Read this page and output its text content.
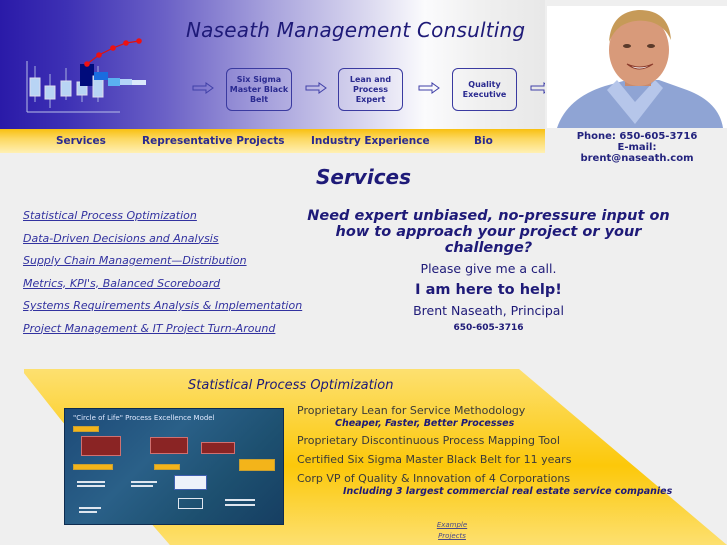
Naseath Management Consulting
Six Sigma Master Black Belt
Lean and Process Expert
Quality Executive
Services	Representative Projects	Industry Experience	Bio	Phone: 650-605-3716
E-mail:
brent@naseath.com
Services
Statistical Process Optimization
Data-Driven Decisions and Analysis
Supply Chain Management—Distribution
Metrics, KPI's, Balanced Scoreboard
Systems Requirements Analysis & Implementation
Project Management & IT Project Turn-Around
Need expert unbiased, no-pressure input on how to approach your project or your challenge?
Please give me a call.
I am here to help!
Brent Naseath, Principal
650-605-3716
Statistical Process Optimization
"Circle of Life" Process Excellence Model
Proprietary Lean for Service Methodology
Cheaper, Faster, Better Processes
Proprietary Discontinuous Process Mapping Tool
Certified Six Sigma Master Black Belt for 11 years
Corp VP of Quality & Innovation of 4 Corporations
Including 3 largest commercial real estate service companies
Example
Projects
